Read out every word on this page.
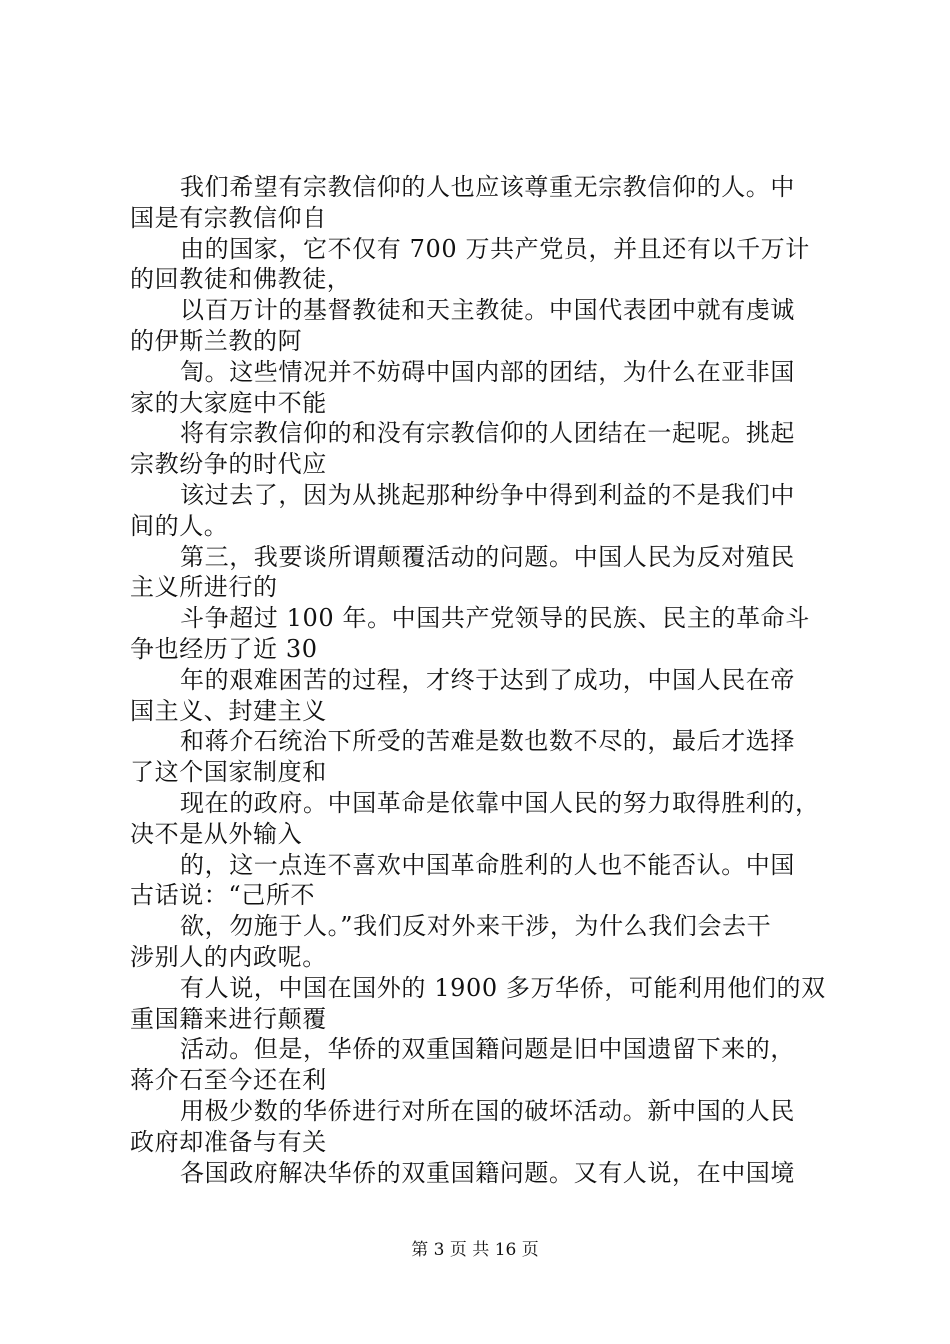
我们希望有宗教信仰的人也应该尊重无宗教信仰的人。中
国是有宗教信仰自
由的国家，它不仅有 700 万共产党员，并且还有以千万计
的回教徒和佛教徒，
以百万计的基督教徒和天主教徒。中国代表团中就有虔诚
的伊斯兰教的阿
訇。这些情况并不妨碍中国内部的团结，为什么在亚非国
家的大家庭中不能
将有宗教信仰的和没有宗教信仰的人团结在一起呢。挑起
宗教纷争的时代应
该过去了，因为从挑起那种纷争中得到利益的不是我们中
间的人。
第三，我要谈所谓颠覆活动的问题。中国人民为反对殖民
主义所进行的
斗争超过 100 年。中国共产党领导的民族、民主的革命斗
争也经历了近 30
年的艰难困苦的过程，才终于达到了成功，中国人民在帝
国主义、封建主义
和蒋介石统治下所受的苦难是数也数不尽的，最后才选择
了这个国家制度和
现在的政府。中国革命是依靠中国人民的努力取得胜利的，
决不是从外输入
的，这一点连不喜欢中国革命胜利的人也不能否认。中国
古话说：“己所不
欲，勿施于人。”我们反对外来干涉，为什么我们会去干
涉别人的内政呢。
有人说，中国在国外的 1900 多万华侨，可能利用他们的双
重国籍来进行颠覆
活动。但是，华侨的双重国籍问题是旧中国遗留下来的，
蒋介石至今还在利
用极少数的华侨进行对所在国的破坏活动。新中国的人民
政府却准备与有关
各国政府解决华侨的双重国籍问题。又有人说，在中国境
第 3 页 共 16 页
